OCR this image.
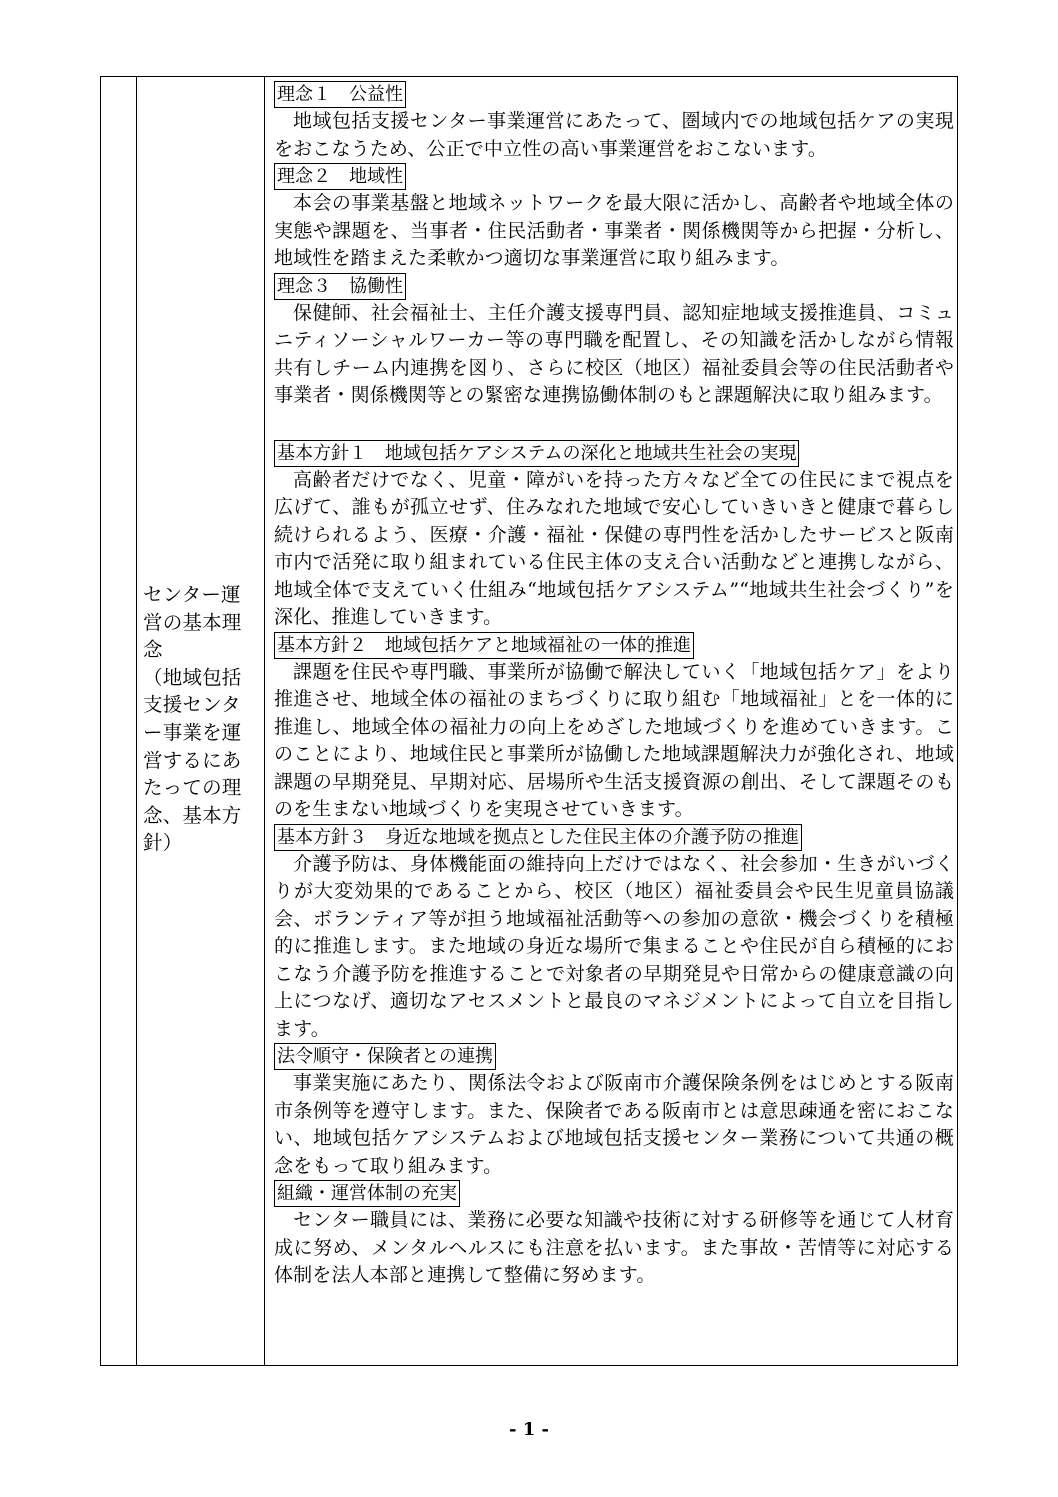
センター運
営の基本理
念
（地域包括
支援センタ
ー事業を運
営するにあ
たっての理
念、基本方
針）
理念１　公益性

地域包括支援センター事業運営にあたって、圏域内での地域包括ケアの実現をおこなうため、公正で中立性の高い事業運営をおこないます。

理念２　地域性

本会の事業基盤と地域ネットワークを最大限に活かし、高齢者や地域全体の実態や課題を、当事者・住民活動者・事業者・関係機関等から把握・分析し、地域性を踏まえた柔軟かつ適切な事業運営に取り組みます。

理念３　協働性

保健師、社会福祉士、主任介護支援専門員、認知症地域支援推進員、コミュニティソーシャルワーカー等の専門職を配置し、その知識を活かしながら情報共有しチーム内連携を図り、さらに校区（地区）福祉委員会等の住民活動者や事業者・関係機関等との緊密な連携協働体制のもと課題解決に取り組みます。

基本方針１　地域包括ケアシステムの深化と地域共生社会の実現

高齢者だけでなく、児童・障がいを持った方々など全ての住民にまで視点を広げて、誰もが孤立せず、住みなれた地域で安心していきいきと健康で暮らし続けられるよう、医療・介護・福祉・保健の専門性を活かしたサービスと阪南市内で活発に取り組まれている住民主体の支え合い活動などと連携しながら、地域全体で支えていく仕組み“地域包括ケアシステム”“地域共生社会づくり”を深化、推進していきます。

基本方針２　地域包括ケアと地域福祉の一体的推進

課題を住民や専門職、事業所が協働で解決していく「地域包括ケア」をより推進させ、地域全体の福祉のまちづくりに取り組む「地域福祉」とを一体的に推進し、地域全体の福祉力の向上をめざした地域づくりを進めていきます。このことにより、地域住民と事業所が協働した地域課題解決力が強化され、地域課題の早期発見、早期対応、居場所や生活支援資源の創出、そして課題そのものを生まない地域づくりを実現させていきます。

基本方針３　身近な地域を拠点とした住民主体の介護予防の推進

介護予防は、身体機能面の維持向上だけではなく、社会参加・生きがいづくりが大変効果的であることから、校区（地区）福祉委員会や民生児童員協議会、ボランティア等が担う地域福祉活動等への参加の意欲・機会づくりを積極的に推進します。また地域の身近な場所で集まることや住民が自ら積極的におこなう介護予防を推進することで対象者の早期発見や日常からの健康意識の向上につなげ、適切なアセスメントと最良のマネジメントによって自立を目指します。

法令順守・保険者との連携

事業実施にあたり、関係法令および阪南市介護保険条例をはじめとする阪南市条例等を遵守します。また、保険者である阪南市とは意思疎通を密におこない、地域包括ケアシステムおよび地域包括支援センター業務について共通の概念をもって取り組みます。

組織・運営体制の充実

センター職員には、業務に必要な知識や技術に対する研修等を通じて人材育成に努め、メンタルヘルスにも注意を払います。また事故・苦情等に対応する体制を法人本部と連携して整備に努めます。

- 1 -
